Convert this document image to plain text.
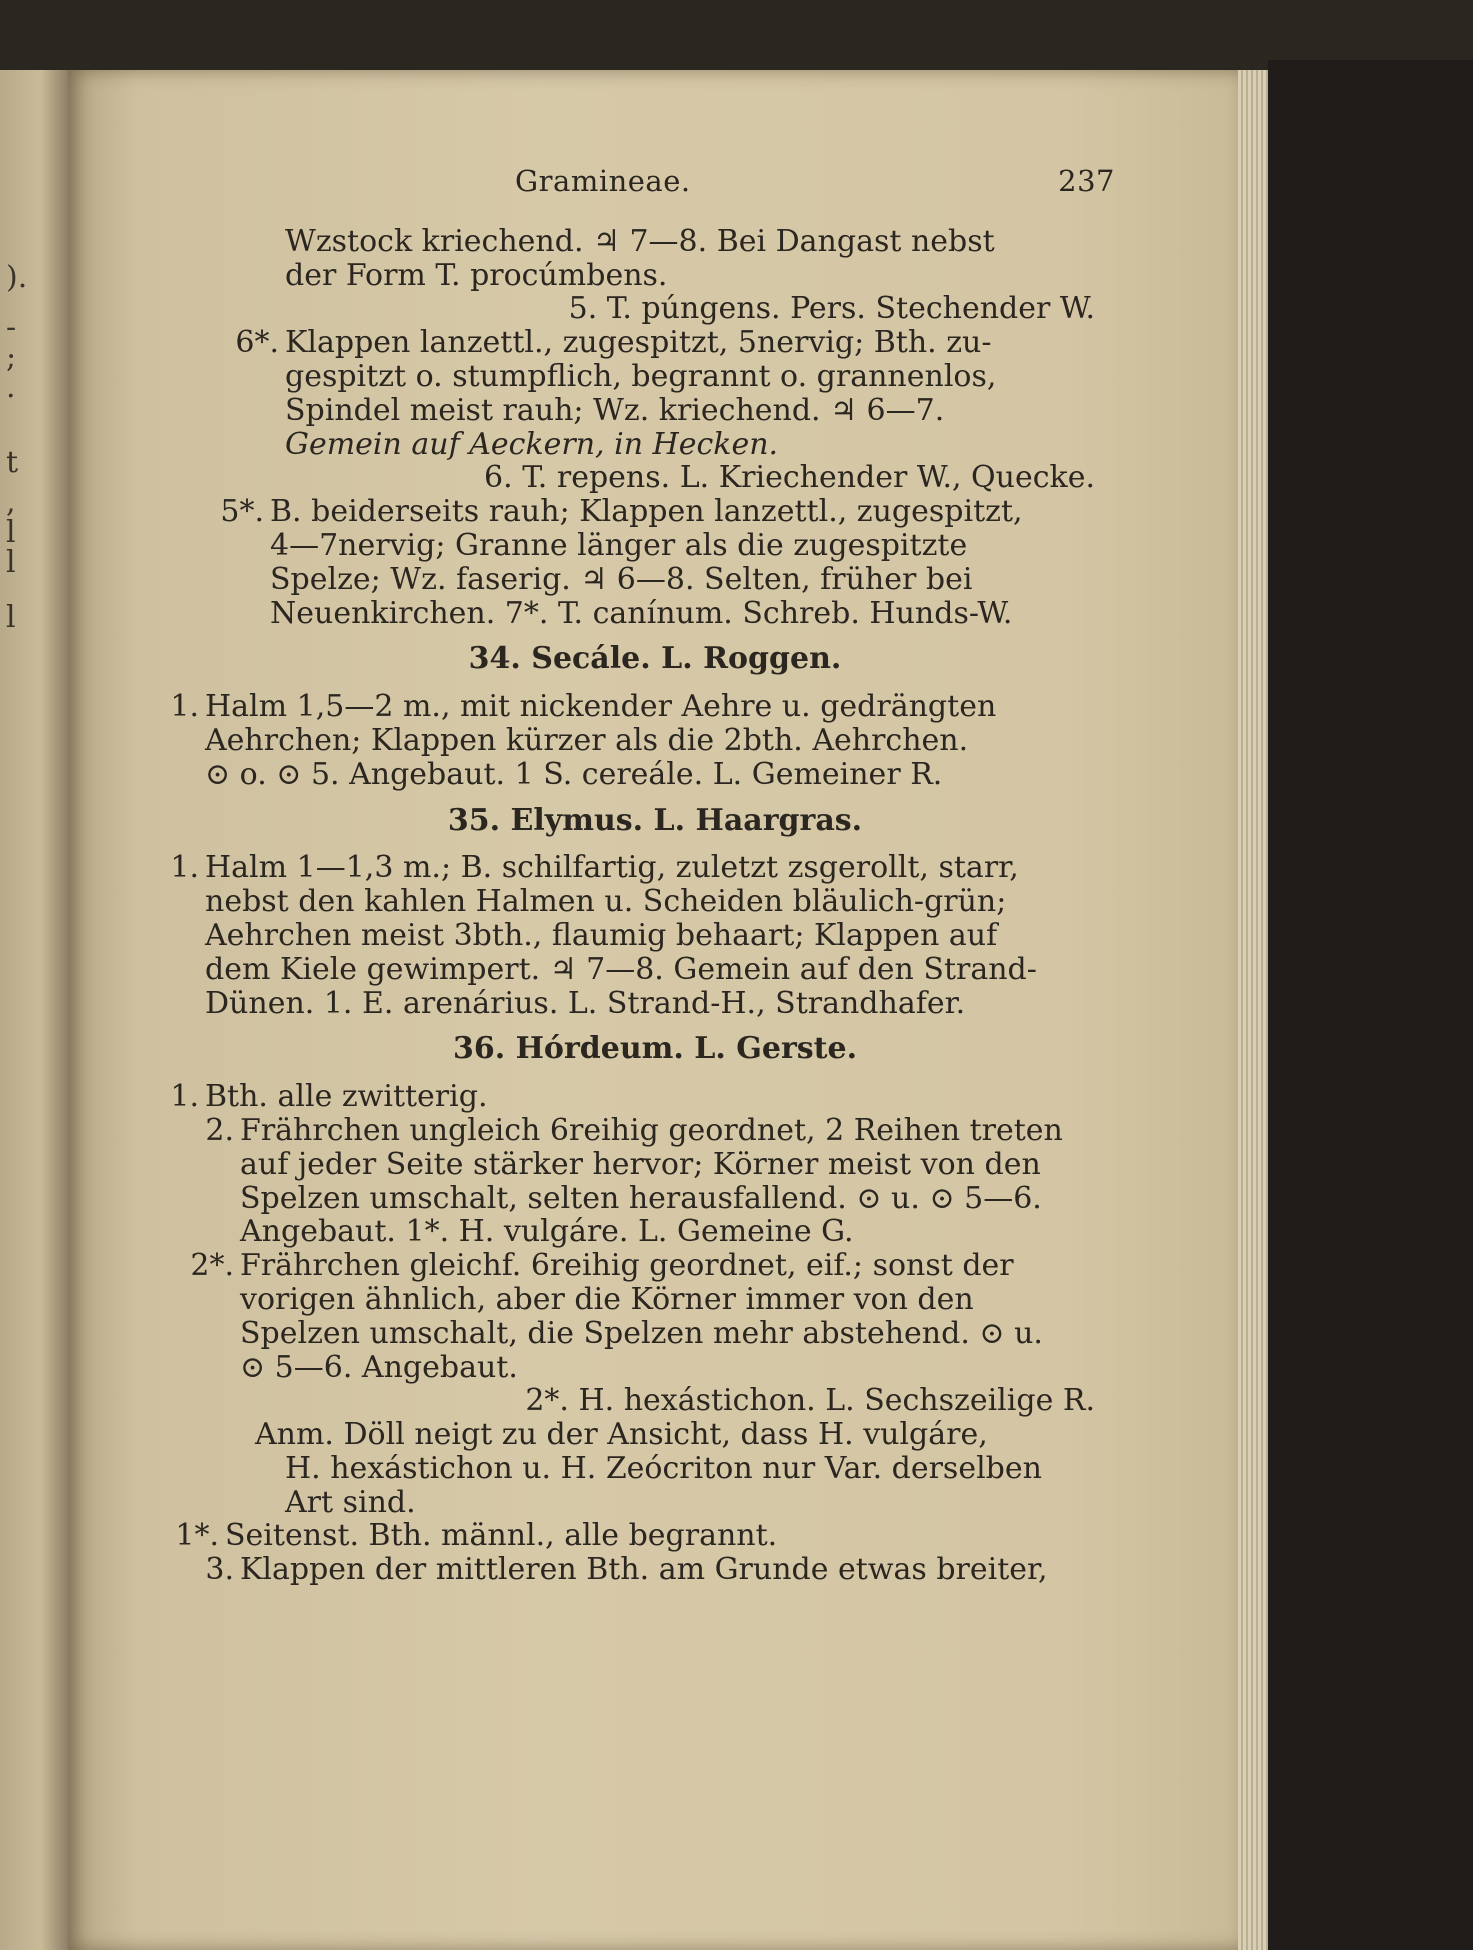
).
-
;
.
t
,
l
l
l
Gramineae.	237
Wzstock kriechend. ♃ 7—8. Bei Dangast nebst
der Form T. procúmbens.
5. T. púngens. Pers. Stechender W.
6*. Klappen lanzettl., zugespitzt, 5nervig; Bth. zu-
gespitzt o. stumpflich, begrannt o. grannenlos,
Spindel meist rauh; Wz. kriechend. ♃ 6—7.
Gemein auf Aeckern, in Hecken.
6. T. repens. L. Kriechender W., Quecke.
5*. B. beiderseits rauh; Klappen lanzettl., zugespitzt,
4—7nervig; Granne länger als die zugespitzte
Spelze; Wz. faserig. ♃ 6—8. Selten, früher bei
Neuenkirchen. 7*. T. canínum. Schreb. Hunds-W.
34. Secále. L. Roggen.
1. Halm 1,5—2 m., mit nickender Aehre u. gedrängten
Aehrchen; Klappen kürzer als die 2bth. Aehrchen.
⊙ o. ⊙ 5. Angebaut. 1 S. cereále. L. Gemeiner R.
35. Elymus. L. Haargras.
1. Halm 1—1,3 m.; B. schilfartig, zuletzt zsgerollt, starr,
nebst den kahlen Halmen u. Scheiden bläulich-grün;
Aehrchen meist 3bth., flaumig behaart; Klappen auf
dem Kiele gewimpert. ♃ 7—8. Gemein auf den Strand-
Dünen. 1. E. arenárius. L. Strand-H., Strandhafer.
36. Hórdeum. L. Gerste.
1. Bth. alle zwitterig.
2. Frährchen ungleich 6reihig geordnet, 2 Reihen treten
auf jeder Seite stärker hervor; Körner meist von den
Spelzen umschalt, selten herausfallend. ⊙ u. ⊙ 5—6.
Angebaut. 1*. H. vulgáre. L. Gemeine G.
2*. Frährchen gleichf. 6reihig geordnet, eif.; sonst der
vorigen ähnlich, aber die Körner immer von den
Spelzen umschalt, die Spelzen mehr abstehend. ⊙ u.
⊙ 5—6. Angebaut.
2*. H. hexástichon. L. Sechszeilige R.
Anm. Döll neigt zu der Ansicht, dass H. vulgáre,
H. hexástichon u. H. Zeócriton nur Var. derselben
Art sind.
1*. Seitenst. Bth. männl., alle begrannt.
3. Klappen der mittleren Bth. am Grunde etwas breiter,
